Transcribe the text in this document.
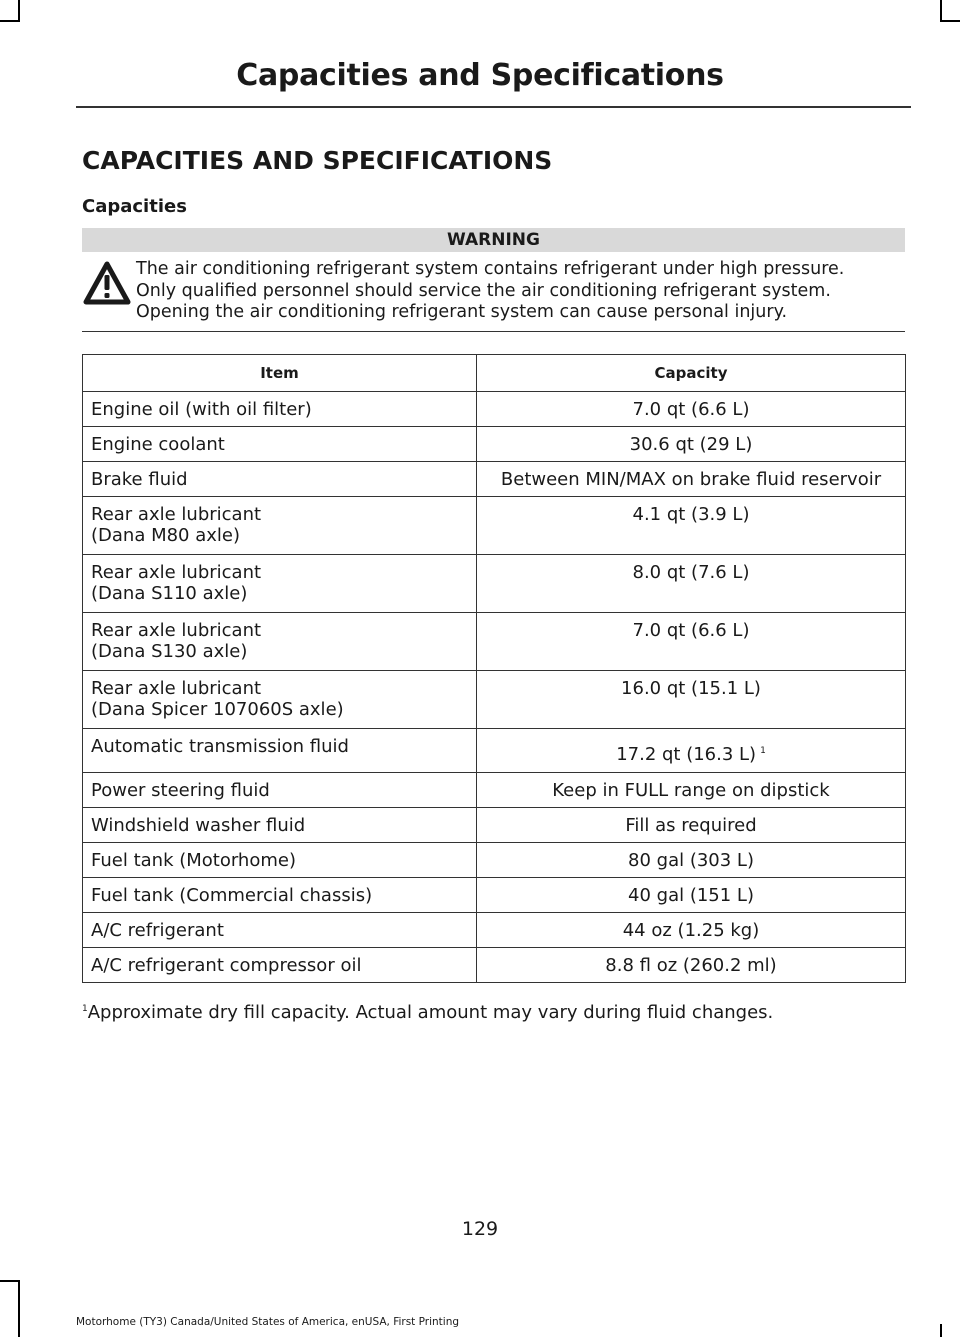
Capacities and Specifications
CAPACITIES AND SPECIFICATIONS
Capacities
WARNING
The air conditioning refrigerant system contains refrigerant under high pressure.
Only qualified personnel should service the air conditioning refrigerant system.
Opening the air conditioning refrigerant system can cause personal injury.
Item	Capacity

Engine oil (with oil filter)	7.0 qt (6.6 L)

Engine coolant	30.6 qt (29 L)

Brake fluid	Between MIN/MAX on brake fluid reservoir

Rear axle lubricant
(Dana M80 axle)	4.1 qt (3.9 L)

Rear axle lubricant
(Dana S110 axle)	8.0 qt (7.6 L)

Rear axle lubricant
(Dana S130 axle)	7.0 qt (6.6 L)

Rear axle lubricant
(Dana Spicer 107060S axle)	16.0 qt (15.1 L)

Automatic transmission fluid	17.2 qt (16.3 L) $^1$

Power steering fluid	Keep in FULL range on dipstick

Windshield washer fluid	Fill as required

Fuel tank (Motorhome)	80 gal (303 L)

Fuel tank (Commercial chassis)	40 gal (151 L)

A/C refrigerant	44 oz (1.25 kg)

A/C refrigerant compressor oil	8.8 fl oz (260.2 ml)
$^1$Approximate dry fill capacity. Actual amount may vary during fluid changes.
129
Motorhome (TY3) Canada/United States of America, enUSA, First Printing
